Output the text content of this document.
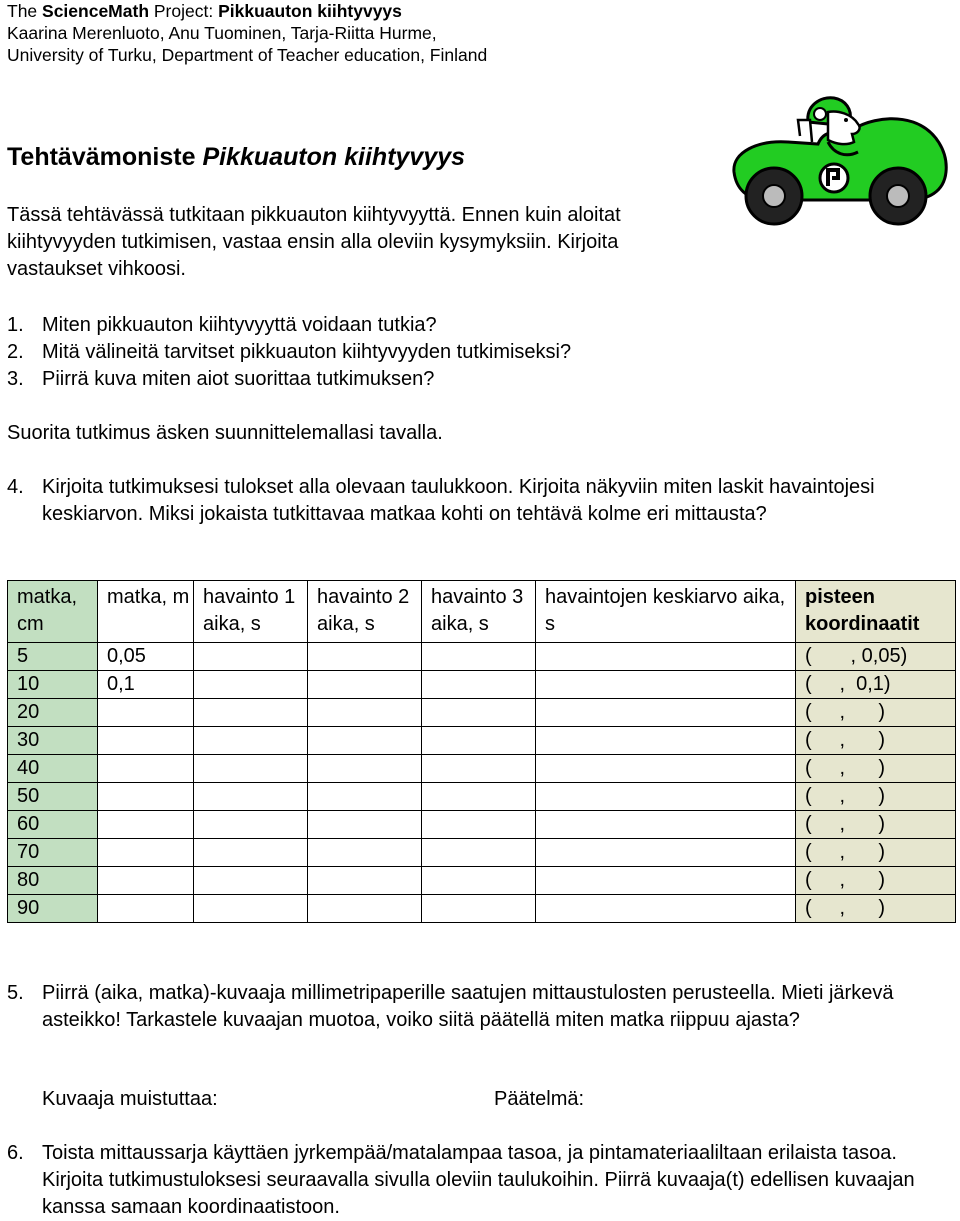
The ScienceMath Project: Pikkuauton kiihtyvyys
Kaarina Merenluoto, Anu Tuominen, Tarja-Riitta Hurme,
University of Turku, Department of Teacher education, Finland
Tehtävämoniste Pikkuauton kiihtyvyys
Tässä tehtävässä tutkitaan pikkuauton kiihtyvyyttä. Ennen kuin aloitat kiihtyvyyden tutkimisen, vastaa ensin alla oleviin kysymyksiin. Kirjoita vastaukset vihkoosi.
1. Miten pikkuauton kiihtyvyyttä voidaan tutkia?
2. Mitä välineitä tarvitset pikkuauton kiihtyvyyden tutkimiseksi?
3. Piirrä kuva miten aiot suorittaa tutkimuksen?
Suorita tutkimus äsken suunnittelemallasi tavalla.
4. Kirjoita tutkimuksesi tulokset alla olevaan taulukkoon. Kirjoita näkyviin miten laskit havaintojesi keskiarvon. Miksi jokaista tutkittavaa matkaa kohti on tehtävä kolme eri mittausta?
matka, cm	matka, m	havainto 1 aika, s	havainto 2 aika, s	havainto 3 aika, s	havaintojen keskiarvo aika, s	pisteen koordinaatit
5	0,05					(       , 0,05)
10	0,1					(     ,  0,1)
20						(     ,      )
30						(     ,      )
40						(     ,      )
50						(     ,      )
60						(     ,      )
70						(     ,      )
80						(     ,      )
90						(     ,      )
5. Piirrä (aika, matka)-kuvaaja millimetripaperille saatujen mittaustulosten perusteella. Mieti järkevä asteikko! Tarkastele kuvaajan muotoa, voiko siitä päätellä miten matka riippuu ajasta?
Kuvaaja muistuttaa:	Päätelmä:
6. Toista mittaussarja käyttäen jyrkempää/matalampaa tasoa, ja pintamateriaaliltaan erilaista tasoa. Kirjoita tutkimustuloksesi seuraavalla sivulla oleviin taulukoihin. Piirrä kuvaaja(t) edellisen kuvaajan kanssa samaan koordinaatistoon.
